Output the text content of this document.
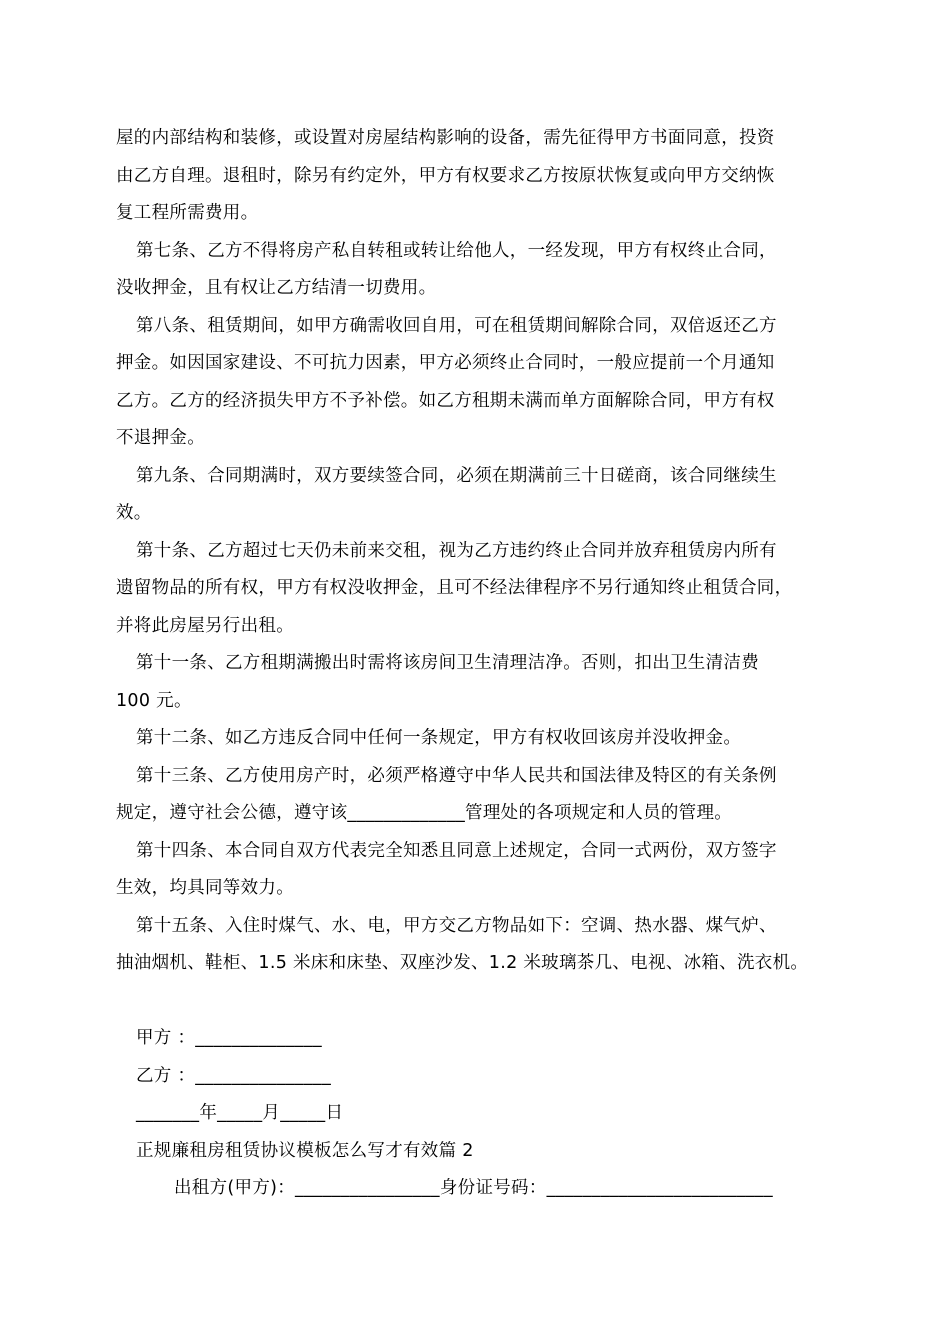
屋的内部结构和装修，或设置对房屋结构影响的设备，需先征得甲方书面同意，投资
由乙方自理。退租时，除另有约定外，甲方有权要求乙方按原状恢复或向甲方交纳恢
复工程所需费用。
第七条、乙方不得将房产私自转租或转让给他人，一经发现，甲方有权终止合同，
没收押金，且有权让乙方结清一切费用。
第八条、租赁期间，如甲方确需收回自用，可在租赁期间解除合同，双倍返还乙方
押金。如因国家建设、不可抗力因素，甲方必须终止合同时，一般应提前一个月通知
乙方。乙方的经济损失甲方不予补偿。如乙方租期未满而单方面解除合同，甲方有权
不退押金。
第九条、合同期满时，双方要续签合同，必须在期满前三十日磋商，该合同继续生
效。
第十条、乙方超过七天仍未前来交租，视为乙方违约终止合同并放弃租赁房内所有
遗留物品的所有权，甲方有权没收押金，且可不经法律程序不另行通知终止租赁合同，
并将此房屋另行出租。
第十一条、乙方租期满搬出时需将该房间卫生清理洁净。否则，扣出卫生清洁费
100 元。
第十二条、如乙方违反合同中任何一条规定，甲方有权收回该房并没收押金。
第十三条、乙方使用房产时，必须严格遵守中华人民共和国法律及特区的有关条例
规定，遵守社会公德，遵守该_____________管理处的各项规定和人员的管理。
第十四条、本合同自双方代表完全知悉且同意上述规定，合同一式两份，双方签字
生效，均具同等效力。
第十五条、入住时煤气、水、电，甲方交乙方物品如下：空调、热水器、煤气炉、
抽油烟机、鞋柜、1.5 米床和床垫、双座沙发、1.2 米玻璃茶几、电视、冰箱、洗衣机。
甲方 ：______________
乙方 ：_______________
_______年_____月_____日
正规廉租房租赁协议模板怎么写才有效篇 2
出租方(甲方)：________________身份证号码：_________________________
